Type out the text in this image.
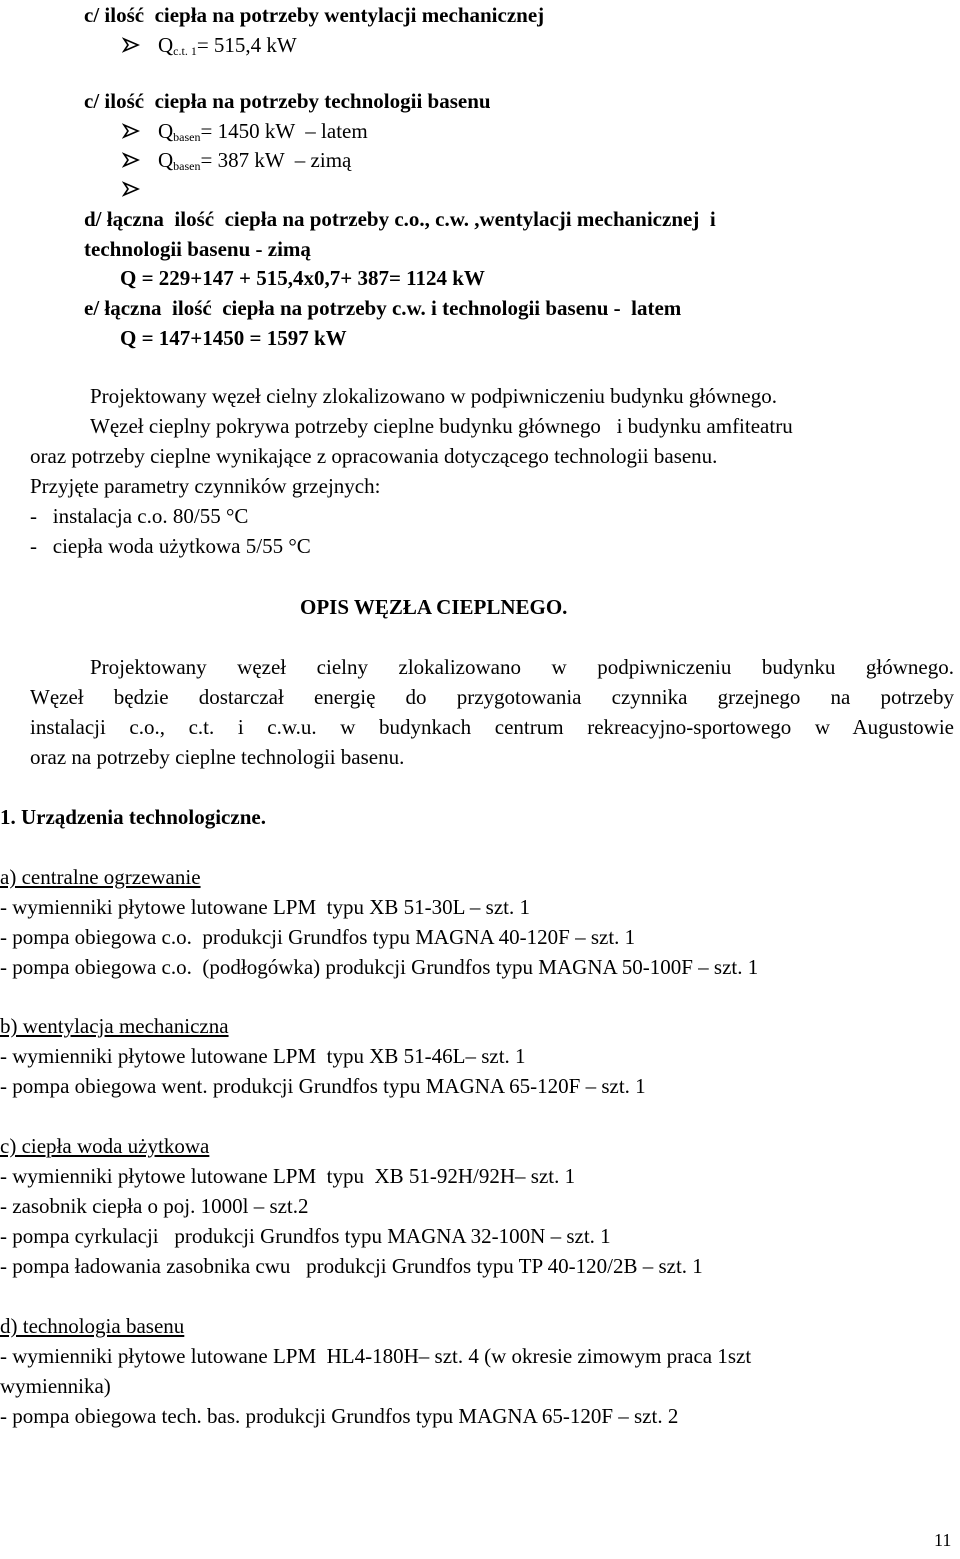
c/ ilość  ciepła na potrzeby wentylacji mechanicznej
$Q_{c.t. 1}= 515,4$ kW
c/ ilość  ciepła na potrzeby technologii basenu
$Q_{basen}= 1450$ kW  – latem
$Q_{basen}= 387$ kW  – zimą
d/ łączna  ilość  ciepła na potrzeby c.o., c.w. ,wentylacji mechanicznej  i
technologii basenu - zimą
Q = 229+147 + 515,4x0,7+ 387= 1124 kW
e/ łączna  ilość  ciepła na potrzeby c.w. i technologii basenu -  latem
Q = 147+1450 = 1597 kW
Projektowany węzeł cielny zlokalizowano w podpiwniczeniu budynku głównego.
Węzeł cieplny pokrywa potrzeby cieplne budynku głównego   i budynku amfiteatru
oraz potrzeby cieplne wynikające z opracowania dotyczącego technologii basenu.
Przyjęte parametry czynników grzejnych:
-   instalacja c.o. 80/55 °C
-   ciepła woda użytkowa 5/55 °C
OPIS WĘZŁA CIEPLNEGO.
Projektowany węzeł cielny zlokalizowano w podpiwniczeniu budynku głównego.
Węzeł będzie dostarczał energię do przygotowania czynnika grzejnego na potrzeby
instalacji c.o., c.t. i c.w.u. w budynkach centrum rekreacyjno-sportowego w Augustowie
oraz na potrzeby cieplne technologii basenu.
1. Urządzenia technologiczne.
a) centralne ogrzewanie
- wymienniki płytowe lutowane LPM  typu XB 51-30L – szt. 1
- pompa obiegowa c.o.  produkcji Grundfos typu MAGNA 40-120F – szt. 1
- pompa obiegowa c.o.  (podłogówka) produkcji Grundfos typu MAGNA 50-100F – szt. 1
b) wentylacja mechaniczna
- wymienniki płytowe lutowane LPM  typu XB 51-46L– szt. 1
- pompa obiegowa went. produkcji Grundfos typu MAGNA 65-120F – szt. 1
c) ciepła woda użytkowa
- wymienniki płytowe lutowane LPM  typu  XB 51-92H/92H– szt. 1
- zasobnik ciepła o poj. 1000l – szt.2
- pompa cyrkulacji   produkcji Grundfos typu MAGNA 32-100N – szt. 1
- pompa ładowania zasobnika cwu   produkcji Grundfos typu TP 40-120/2B – szt. 1
d) technologia basenu
- wymienniki płytowe lutowane LPM  HL4-180H– szt. 4 (w okresie zimowym praca 1szt
wymiennika)
- pompa obiegowa tech. bas. produkcji Grundfos typu MAGNA 65-120F – szt. 2
11
